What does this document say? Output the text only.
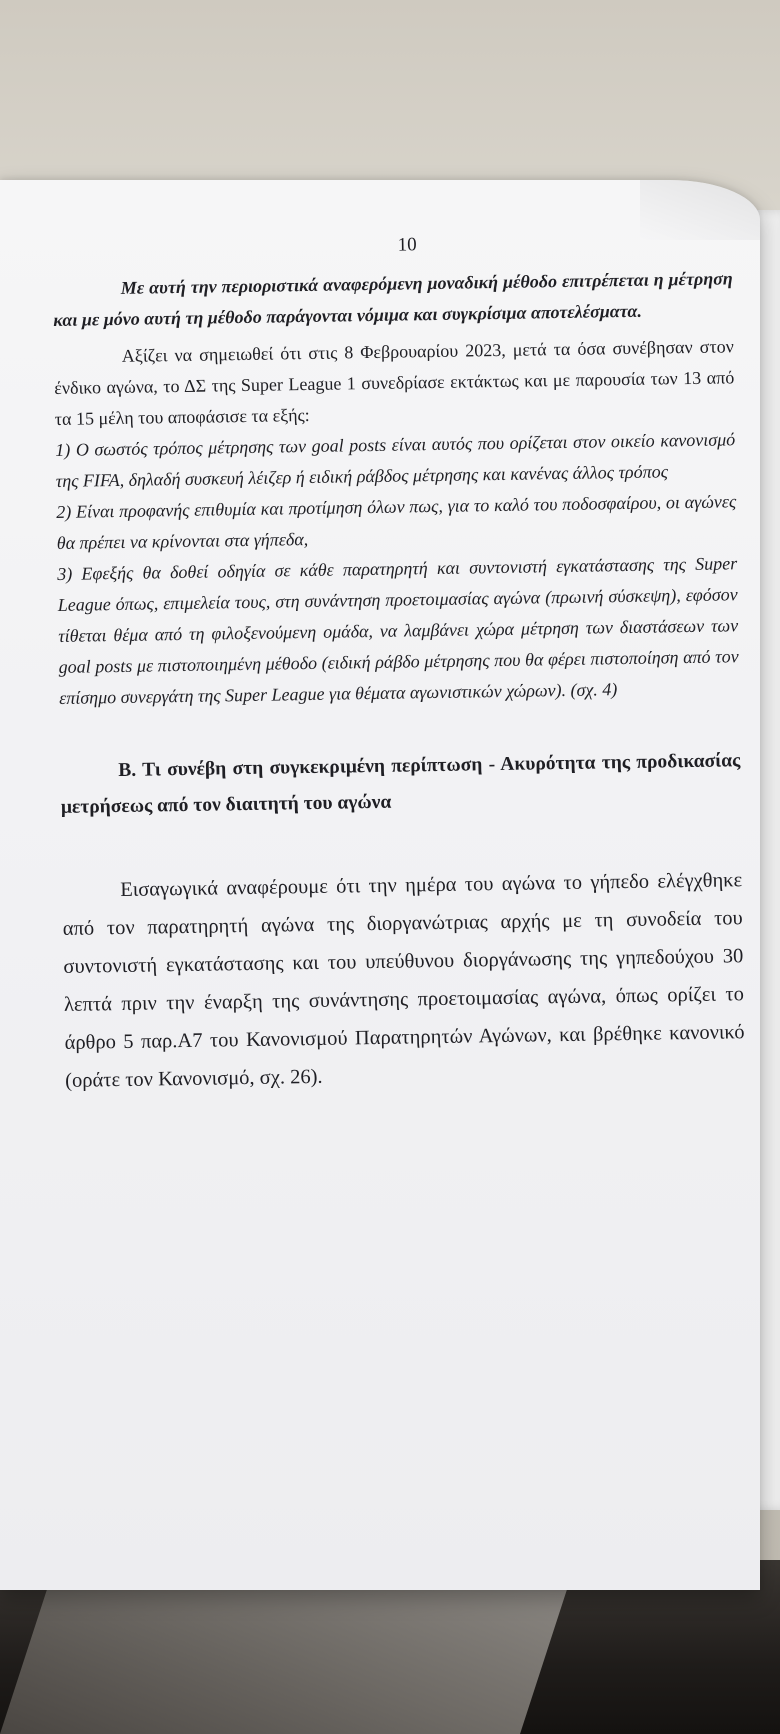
10

Με αυτή την περιοριστικά αναφερόμενη μοναδική μέθοδο επιτρέπεται η μέτρηση και με μόνο αυτή τη μέθοδο παράγονται νόμιμα και συγκρίσιμα αποτελέσματα.

Αξίζει να σημειωθεί ότι στις 8 Φεβρουαρίου 2023, μετά τα όσα συνέβησαν στον ένδικο αγώνα, το ΔΣ της Super League 1 συνεδρίασε εκτάκτως και με παρουσία των 13 από τα 15 μέλη του αποφάσισε τα εξής:

1) Ο σωστός τρόπος μέτρησης των goal posts είναι αυτός που ορίζεται στον οικείο κανονισμό της FIFA, δηλαδή συσκευή λέιζερ ή ειδική ράβδος μέτρησης και κανένας άλλος τρόπος

2) Είναι προφανής επιθυμία και προτίμηση όλων πως, για το καλό του ποδοσφαίρου, οι αγώνες θα πρέπει να κρίνονται στα γήπεδα,

3) Εφεξής θα δοθεί οδηγία σε κάθε παρατηρητή και συντονιστή εγκατάστασης της Super League όπως, επιμελεία τους, στη συνάντηση προετοιμασίας αγώνα (πρωινή σύσκεψη), εφόσον τίθεται θέμα από τη φιλοξενούμενη ομάδα, να λαμβάνει χώρα μέτρηση των διαστάσεων των goal posts με πιστοποιημένη μέθοδο (ειδική ράβδο μέτρησης που θα φέρει πιστοποίηση από τον επίσημο συνεργάτη της Super League για θέματα αγωνιστικών χώρων). (σχ. 4)

Β. Τι συνέβη στη συγκεκριμένη περίπτωση - Ακυρότητα της προδικασίας μετρήσεως από τον διαιτητή του αγώνα

Εισαγωγικά αναφέρουμε ότι την ημέρα του αγώνα το γήπεδο ελέγχθηκε από τον παρατηρητή αγώνα της διοργανώτριας αρχής με τη συνοδεία του συντονιστή εγκατάστασης και του υπεύθυνου διοργάνωσης της γηπεδούχου 30 λεπτά πριν την έναρξη της συνάντησης προετοιμασίας αγώνα, όπως ορίζει το άρθρο 5 παρ.Α7 του Κανονισμού Παρατηρητών Αγώνων, και βρέθηκε κανονικό (οράτε τον Κανονισμό, σχ. 26).
